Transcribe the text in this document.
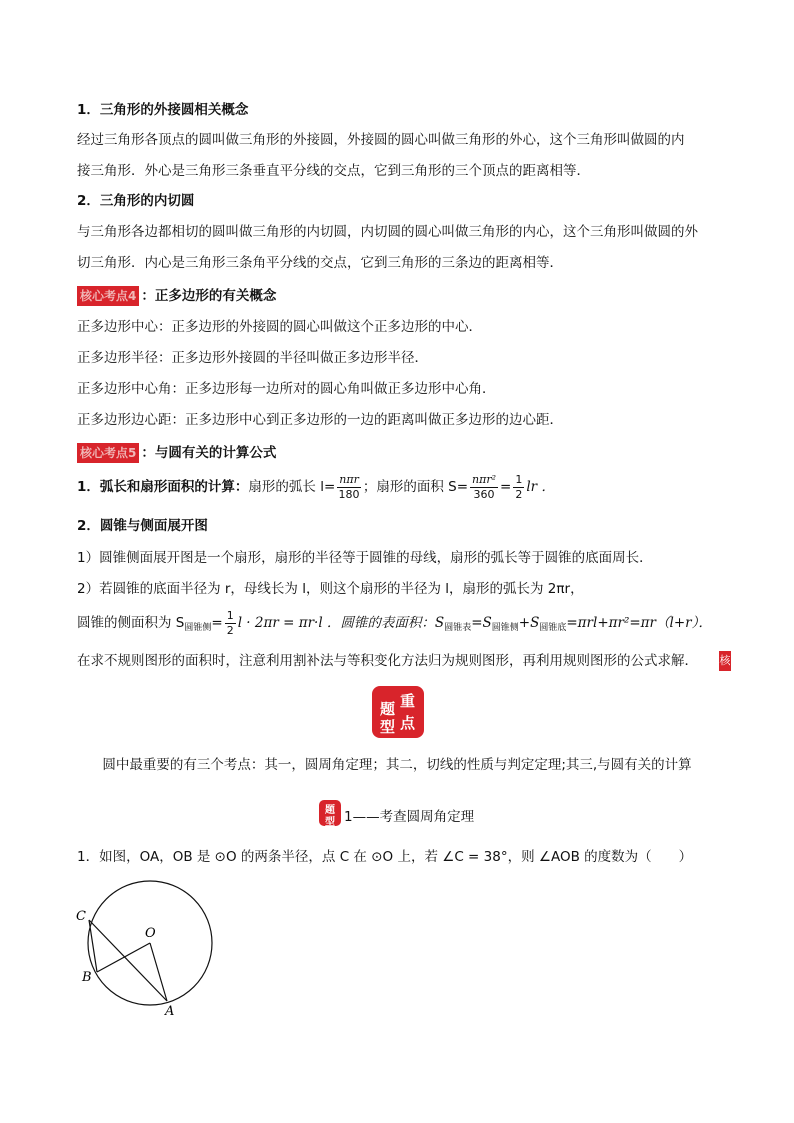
1．三角形的外接圆相关概念
经过三角形各顶点的圆叫做三角形的外接圆，外接圆的圆心叫做三角形的外心，这个三角形叫做圆的内
接三角形．外心是三角形三条垂直平分线的交点，它到三角形的三个顶点的距离相等．
2．三角形的内切圆
与三角形各边都相切的圆叫做三角形的内切圆，内切圆的圆心叫做三角形的内心，这个三角形叫做圆的外
切三角形．内心是三角形三条角平分线的交点，它到三角形的三条边的距离相等．
核心考点4 ：正多边形的有关概念
正多边形中心：正多边形的外接圆的圆心叫做这个正多边形的中心．
正多边形半径：正多边形外接圆的半径叫做正多边形半径．
正多边形中心角：正多边形每一边所对的圆心角叫做正多边形中心角．
正多边形边心距：正多边形中心到正多边形的一边的距离叫做正多边形的边心距．
核心考点5 ：与圆有关的计算公式
1．弧长和扇形面积的计算：扇形的弧长 $l= \frac{\text{nπr}}{180}$ ；扇形的面积 $S= \frac{\text{nπr²}}{360} = \frac{1}{2}$ lr ．
2．圆锥与侧面展开图
1）圆锥侧面展开图是一个扇形，扇形的半径等于圆锥的母线，扇形的弧长等于圆锥的底面周长．
2）若圆锥的底面半径为 r，母线长为 l，则这个扇形的半径为 l，扇形的弧长为 2πr，
圆锥的侧面积为 $S_{圆锥侧}= \frac{1}{2}$ l · 2πr = πr·l ．圆锥的表面积：$S_{圆锥表}=S_{圆锥侧}+S_{圆锥底}=\pi rl+\pi r^2=\pi r(l+r)$．
在求不规则图形的面积时，注意利用割补法与等积变化方法归为规则图形，再利用规则图形的公式求解． 核
重
点
题
型
圆中最重要的有三个考点：其一，圆周角定理；其二，切线的性质与判定定理;其三,与圆有关的计算
题
型 1——考查圆周角定理
1．如图，OA，OB 是 ⊙O 的两条半径，点 C 在 ⊙O 上，若 ∠C = 38°，则 ∠AOB 的度数为（　　）
C
O
B
A
